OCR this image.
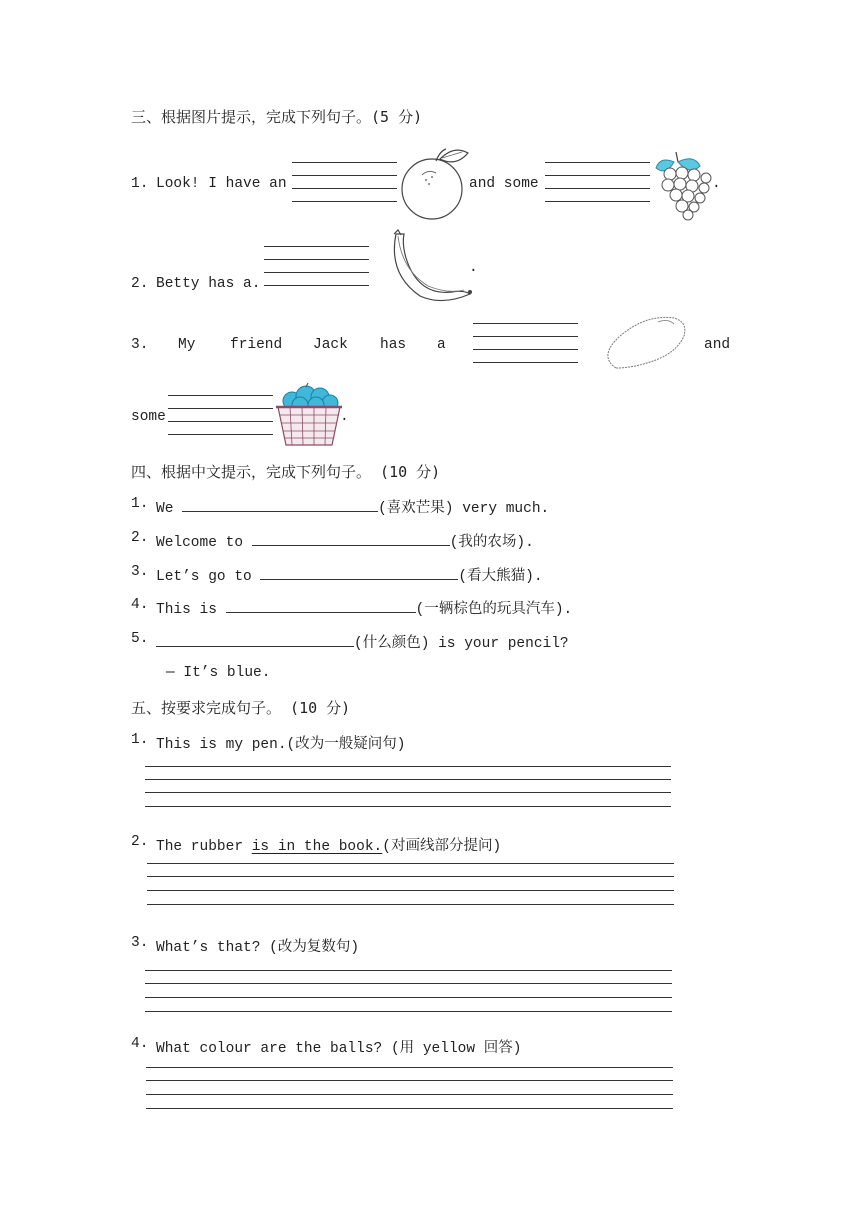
三、根据图片提示，完成下列句子。(5 分)
1. Look! I have an	and some	.
2. Betty has a.
.
3. My friend Jack has a	and
some	.
四、根据中文提示，完成下列句子。 (10 分)
1. We	(喜欢芒果) very much.
2. Welcome to	(我的农场).
3. Let’s go to	(看大熊猫).
4. This is	(一辆棕色的玩具汽车).
5.	(什么颜色) is your pencil?
— It’s blue.
五、按要求完成句子。 (10 分)
1. This is my pen.(改为一般疑问句)
2. The rubber is in the book.(对画线部分提问)
3. What’s that? (改为复数句)
4. What colour are the balls? (用 yellow 回答)
